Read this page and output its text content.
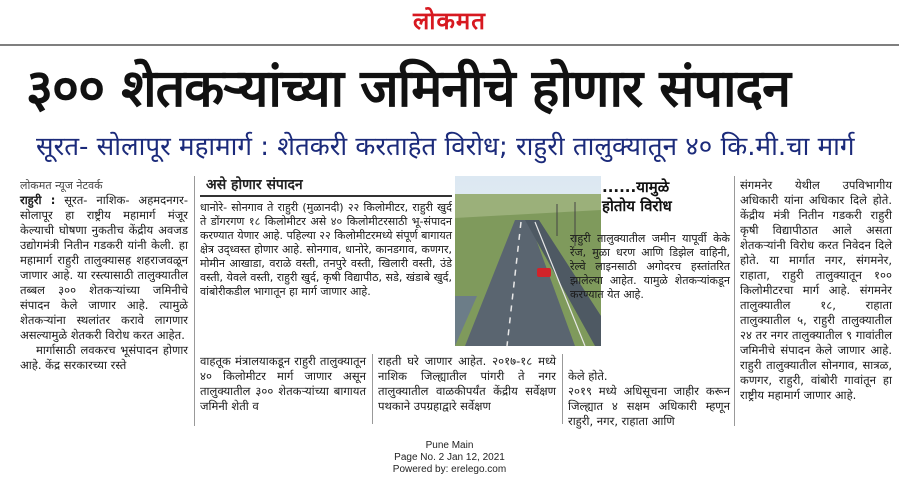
लोकमत
३०० शेतकऱ्यांच्या जमिनीचे होणार संपादन
सूरत- सोलापूर महामार्ग : शेतकरी करताहेत विरोध; राहुरी तालुक्यातून ४० कि.मी.चा मार्ग

लोकमत न्यूज नेटवर्क

राहुरी : सूरत- नाशिक- अहमदनगर- सोलापूर हा राष्ट्रीय महामार्ग मंजूर केल्याची घोषणा नुकतीच केंद्रीय अवजड उद्योगमंत्री नितीन गडकरी यांनी केली. हा महामार्ग राहुरी तालुक्यासह शहराजवळून जाणार आहे. या रस्त्यासाठी तालुक्यातील तब्बल ३०० शेतकऱ्यांच्या जमिनीचे संपादन केले जाणार आहे. त्यामुळे शेतकऱ्यांना स्थलांतर करावे लागणार असल्यामुळे शेतकरी विरोध करत आहेत.

मार्गासाठी लवकरच भूसंपादन होणार आहे. केंद्र सरकारच्या रस्ते

असे होणार संपादन

धानोरे- सोनगाव ते राहुरी (मुळानदी) २२ किलोमीटर, राहुरी खुर्द ते डोंगरगण १८ किलोमीटर असे ४० किलोमीटरसाठी भू-संपादन करण्यात येणार आहे. पहिल्या २२ किलोमीटरमध्ये संपूर्ण बागायत क्षेत्र उद्ध्वस्त होणार आहे. सोनगाव, धानोरे, कानडगाव, कणगर, मोमीन आखाडा, वराळे वस्ती, तनपुरे वस्ती, खिलारी वस्ती, उंडे वस्ती, येवले वस्ती, राहुरी खुर्द, कृषी विद्यापीठ, सडे, खंडाबे खुर्द, वांबोरीकडील भागातून हा मार्ग जाणार आहे.

......यामुळे
होतोय विरोध

राहुरी तालुक्यातील जमीन यापूर्वी केके रेंज, मुळा धरण आणि डिझेल वाहिनी, रेल्वे लाइनसाठी अगोदरच हस्तांतरित झालेल्या आहेत. यामुळे शेतकऱ्यांकडून करण्यात येत आहे.

संगमनेर येथील उपविभागीय अधिकारी यांना अधिकार दिले होते. केंद्रीय मंत्री नितीन गडकरी राहुरी कृषी विद्यापीठात आले असता शेतकऱ्यांनी विरोध करत निवेदन दिले होते. या मार्गात नगर, संगमनेर, राहाता, राहुरी तालुक्यातून १०० किलोमीटरचा मार्ग आहे. संगमनेर तालुक्यातील १८, राहाता तालुक्यातील ५, राहुरी तालुक्यातील २४ तर नगर तालुक्यातील ९ गावांतील जमिनीचे संपादन केले जाणार आहे. राहुरी तालुक्यातील सोनगाव, सात्रळ, कणगर, राहुरी, वांबोरी गावांतून हा राष्ट्रीय महामार्ग जाणार आहे.

वाहतूक मंत्रालयाकडून राहुरी तालुक्यातून ४० किलोमीटर मार्ग जाणार असून तालुक्यातील ३०० शेतकऱ्यांच्या बागायत जमिनी शेती व

राहती घरे जाणार आहेत. २०१७-१८ मध्ये नाशिक जिल्ह्यातील पांगरी ते नगर तालुक्यातील वाळकीपर्यंत केंद्रीय सर्वेक्षण पथकाने उपग्रहाद्वारे सर्वेक्षण

केले होते.
२०१९ मध्ये अधिसूचना जाहीर करून जिल्ह्यात ४ सक्षम अधिकारी म्हणून राहुरी, नगर, राहाता आणि

Pune Main
Page No. 2 Jan 12, 2021
Powered by: erelego.com
